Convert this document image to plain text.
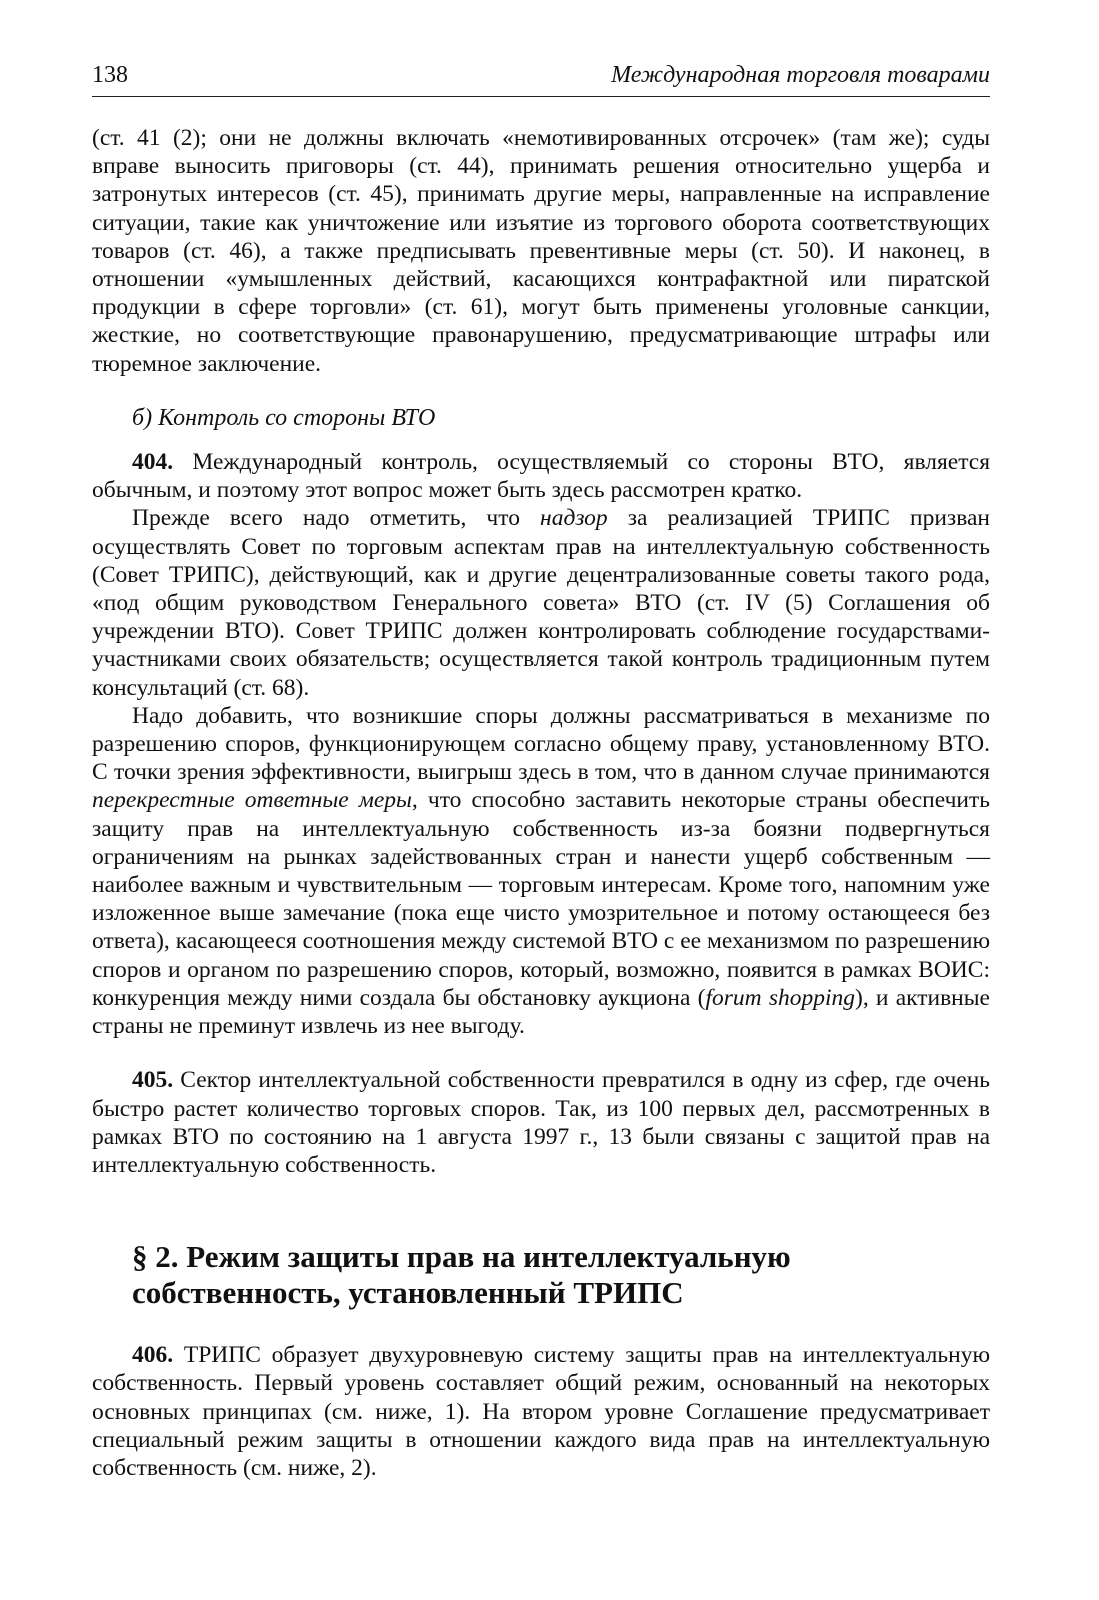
138	Международная торговля товарами

(ст. 41 (2); они не должны включать «немотивированных отсрочек» (там же); суды вправе выносить приговоры (ст. 44), принимать решения относительно ущерба и затронутых интересов (ст. 45), принимать другие меры, направленные на исправление ситуации, такие как уничтожение или изъятие из торгового оборота соответствующих товаров (ст. 46), а также предписывать превентивные меры (ст. 50). И наконец, в отношении «умышленных действий, касающихся контрафактной или пиратской продукции в сфере торговли» (ст. 61), могут быть применены уголовные санкции, жесткие, но соответствующие правонарушению, предусматривающие штрафы или тюремное заключение.

б) Контроль со стороны ВТО

404. Международный контроль, осуществляемый со стороны ВТО, является обычным, и поэтому этот вопрос может быть здесь рассмотрен кратко.

Прежде всего надо отметить, что надзор за реализацией ТРИПС призван осуществлять Совет по торговым аспектам прав на интеллектуальную собственность (Совет ТРИПС), действующий, как и другие децентрализованные советы такого рода, «под общим руководством Генерального совета» ВТО (ст. IV (5) Соглашения об учреждении ВТО). Совет ТРИПС должен контролировать соблюдение государствами-участниками своих обязательств; осуществляется такой контроль традиционным путем консультаций (ст. 68).

Надо добавить, что возникшие споры должны рассматриваться в механизме по разрешению споров, функционирующем согласно общему праву, установленному ВТО. С точки зрения эффективности, выигрыш здесь в том, что в данном случае принимаются перекрестные ответные меры, что способно заставить некоторые страны обеспечить защиту прав на интеллектуальную собственность из-за боязни подвергнуться ограничениям на рынках задействованных стран и нанести ущерб собственным — наиболее важным и чувствительным — торговым интересам. Кроме того, напомним уже изложенное выше замечание (пока еще чисто умозрительное и потому остающееся без ответа), касающееся соотношения между системой ВТО с ее механизмом по разрешению споров и органом по разрешению споров, который, возможно, появится в рамках ВОИС: конкуренция между ними создала бы обстановку аукциона (forum shopping), и активные страны не преминут извлечь из нее выгоду.

405. Сектор интеллектуальной собственности превратился в одну из сфер, где очень быстро растет количество торговых споров. Так, из 100 первых дел, рассмотренных в рамках ВТО по состоянию на 1 августа 1997 г., 13 были связаны с защитой прав на интеллектуальную собственность.

§ 2. Режим защиты прав на интеллектуальную собственность, установленный ТРИПС

406. ТРИПС образует двухуровневую систему защиты прав на интеллектуальную собственность. Первый уровень составляет общий режим, основанный на некоторых основных принципах (см. ниже, 1). На втором уровне Соглашение предусматривает специальный режим защиты в отношении каждого вида прав на интеллектуальную собственность (см. ниже, 2).
